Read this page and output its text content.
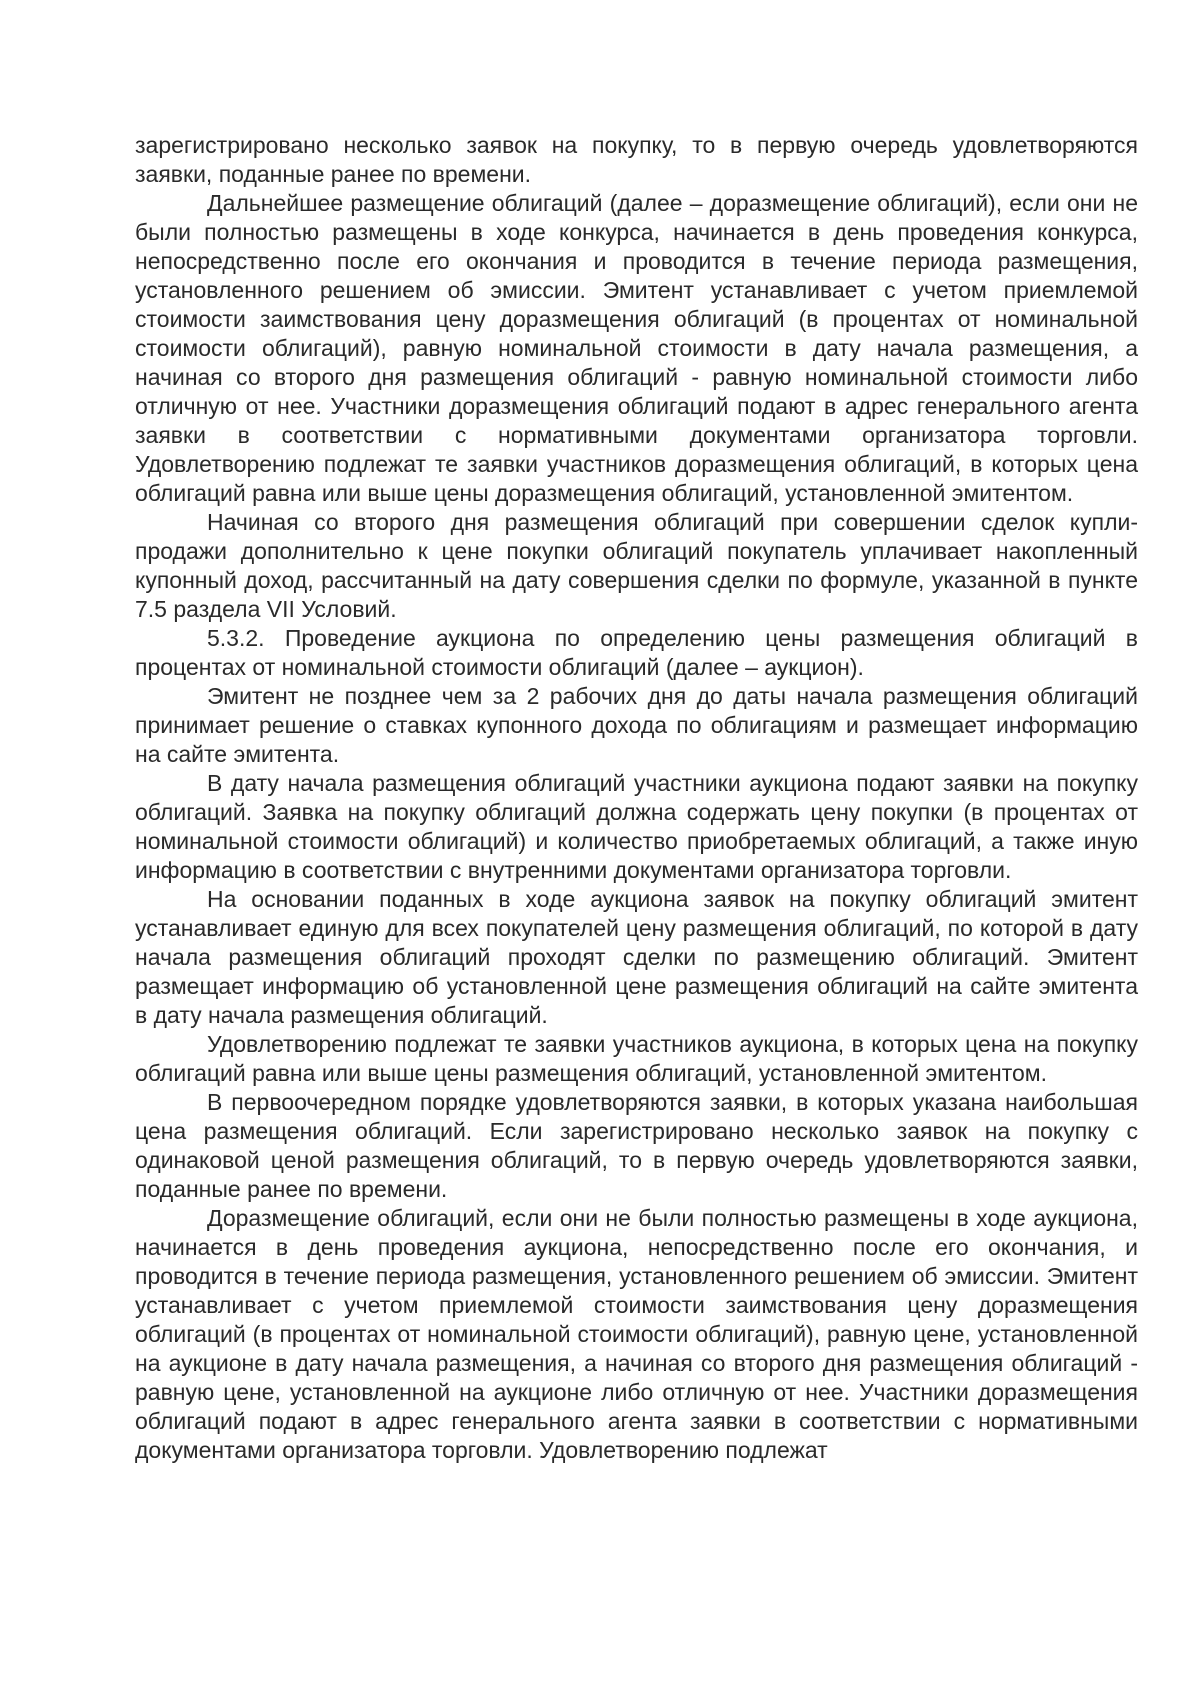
зарегистрировано несколько заявок на покупку, то в первую очередь удовлетворяются заявки, поданные ранее по времени.

Дальнейшее размещение облигаций (далее – доразмещение облигаций), если они не были полностью размещены в ходе конкурса, начинается в день проведения конкурса, непосредственно после его окончания и проводится в течение периода размещения, установленного решением об эмиссии. Эмитент устанавливает с учетом приемлемой стоимости заимствования цену доразмещения облигаций (в процентах от номинальной стоимости облигаций), равную номинальной стоимости в дату начала размещения, а начиная со второго дня размещения облигаций - равную номинальной стоимости либо отличную от нее. Участники доразмещения облигаций подают в адрес генерального агента заявки в соответствии с нормативными документами организатора торговли. Удовлетворению подлежат те заявки участников доразмещения облигаций, в которых цена облигаций равна или выше цены доразмещения облигаций, установленной эмитентом.

Начиная со второго дня размещения облигаций при совершении сделок купли-продажи дополнительно к цене покупки облигаций покупатель уплачивает накопленный купонный доход, рассчитанный на дату совершения сделки по формуле, указанной в пункте 7.5 раздела VII Условий.

5.3.2. Проведение аукциона по определению цены размещения облигаций в процентах от номинальной стоимости облигаций (далее – аукцион).

Эмитент не позднее чем за 2 рабочих дня до даты начала размещения облигаций принимает решение о ставках купонного дохода по облигациям и размещает информацию на сайте эмитента.

В дату начала размещения облигаций участники аукциона подают заявки на покупку облигаций. Заявка на покупку облигаций должна содержать цену покупки (в процентах от номинальной стоимости облигаций) и количество приобретаемых облигаций, а также иную информацию в соответствии с внутренними документами организатора торговли.

На основании поданных в ходе аукциона заявок на покупку облигаций эмитент устанавливает единую для всех покупателей цену размещения облигаций, по которой в дату начала размещения облигаций проходят сделки по размещению облигаций. Эмитент размещает информацию об установленной цене размещения облигаций на сайте эмитента в дату начала размещения облигаций.

Удовлетворению подлежат те заявки участников аукциона, в которых цена на покупку облигаций равна или выше цены размещения облигаций, установленной эмитентом.

В первоочередном порядке удовлетворяются заявки, в которых указана наибольшая цена размещения облигаций. Если зарегистрировано несколько заявок на покупку с одинаковой ценой размещения облигаций, то в первую очередь удовлетворяются заявки, поданные ранее по времени.

Доразмещение облигаций, если они не были полностью размещены в ходе аукциона, начинается в день проведения аукциона, непосредственно после его окончания, и проводится в течение периода размещения, установленного решением об эмиссии. Эмитент устанавливает с учетом приемлемой стоимости заимствования цену доразмещения облигаций (в процентах от номинальной стоимости облигаций), равную цене, установленной на аукционе в дату начала размещения, а начиная со второго дня размещения облигаций - равную цене, установленной на аукционе либо отличную от нее. Участники доразмещения облигаций подают в адрес генерального агента заявки в соответствии с нормативными документами организатора торговли. Удовлетворению подлежат
